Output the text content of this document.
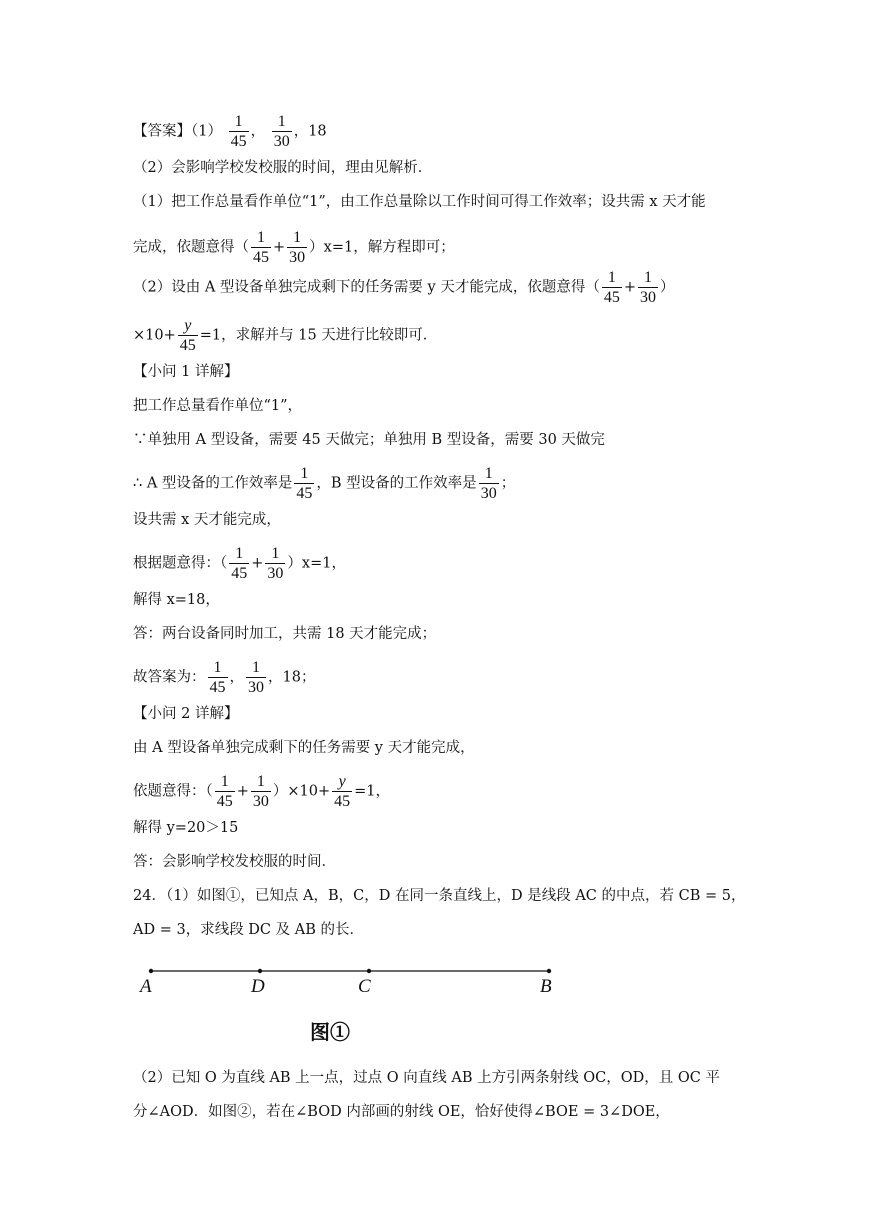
【答案】$(1) \frac{1}{45}$ ， $\frac{1}{30}$ ，18
（2）会影响学校发校服的时间，理由见解析．
（1）把工作总量看作单位“1”，由工作总量除以工作时间可得工作效率；设共需 x 天才能
完成，依题意得（ $\frac{1}{45} + \frac{1}{30} )x=1$，解方程即可；
（2）设由 A 型设备单独完成剩下的任务需要 y 天才能完成，依题意得（ $\frac{1}{45} + \frac{1}{30}$ ）
$\times 10+ \frac{y}{45} =1$，求解并与 15 天进行比较即可．
【小问 1 详解】
把工作总量看作单位“1”，
∵单独用 A 型设备，需要 45 天做完；单独用 B 型设备，需要 30 天做完
∴ A 型设备的工作效率是 $\frac{1}{45}$ ，B 型设备的工作效率是 $\frac{1}{30}$ ；
设共需 x 天才能完成，
根据题意得：（ $\frac{1}{45} + \frac{1}{30} )x=1$，
解得 x=18，
答：两台设备同时加工，共需 18 天才能完成；
故答案为： $\frac{1}{45}$ ， $\frac{1}{30}$ ，18；
【小问 2 详解】
由 A 型设备单独完成剩下的任务需要 y 天才能完成，
依题意得：（ $\frac{1}{45} + \frac{1}{30} )\times 10+ \frac{y}{45} =1$，
解得 y=20＞15
答：会影响学校发校服的时间．
24．（1）如图①，已知点 A，B，C，D 在同一条直线上，D 是线段 AC 的中点，若 CB = 5，
AD = 3，求线段 DC 及 AB 的长．
A	D	C	B
图①
（2）已知 O 为直线 AB 上一点，过点 O 向直线 AB 上方引两条射线 OC，OD，且 OC 平
分∠AOD．如图②，若在∠BOD 内部画的射线 OE，恰好使得∠BOE = 3∠DOE，
